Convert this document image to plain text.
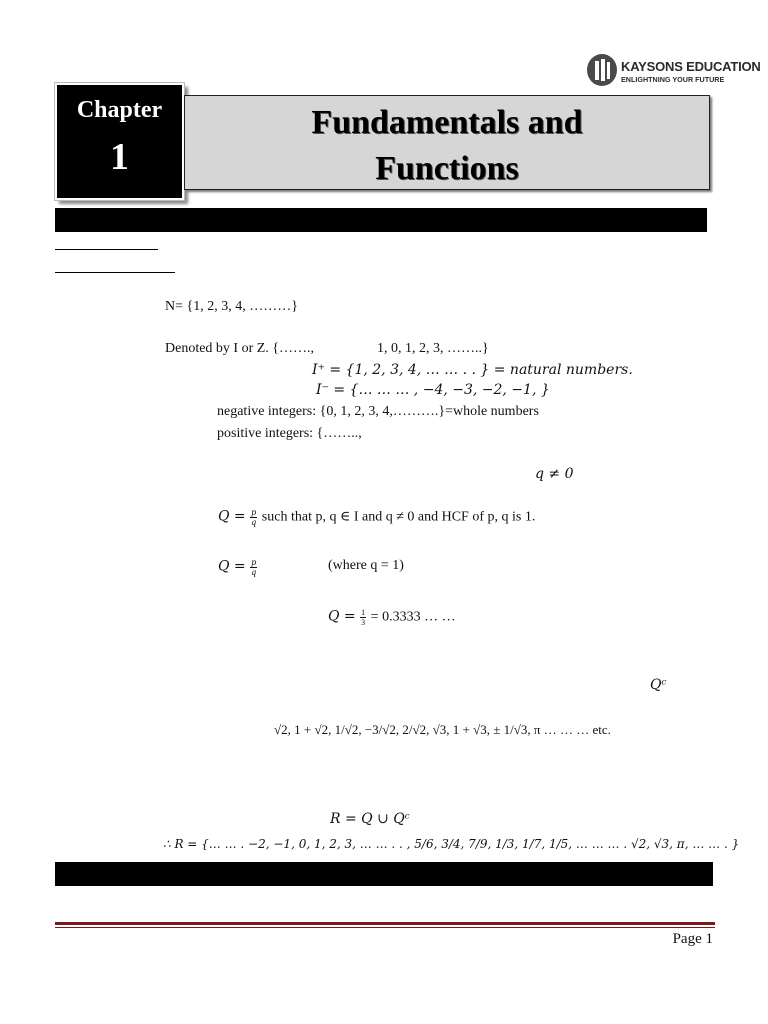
KAYSONS EDUCATION
ENLIGHTNING YOUR FUTURE
Chapter
1
Fundamentals and
Functions
N= {1, 2, 3, 4, ………}
Denoted by I or Z. {…….,	1, 0, 1, 2, 3, ……..}
I⁺ = {1, 2, 3, 4, … … . . } = natural numbers.
I⁻ = {… … … , −4, −3, −2, −1, }
negative integers: {0, 1, 2, 3, 4,……….}=whole numbers
positive integers: {……..,
q ≠ 0
$Q = \frac{p}{q}$ such that p, q ∈ I and q ≠ 0 and HCF of p, q is 1.
$Q = \frac{p}{q}$	(where q = 1)
$Q = \frac{1}{3} = 0.3333$ … …
Qᶜ
√2, 1 + √2, 1/√2, −3/√2, 2/√2, √3, 1 + √3, ± 1/√3, π … … … etc.
R = Q ∪ Qᶜ
∴ R = {… … . −2, −1, 0, 1, 2, 3, … … . . , 5/6, 3/4, 7/9, 1/3, 1/7, 1/5, … … … . √2, √3, π, … … . }
Page 1
